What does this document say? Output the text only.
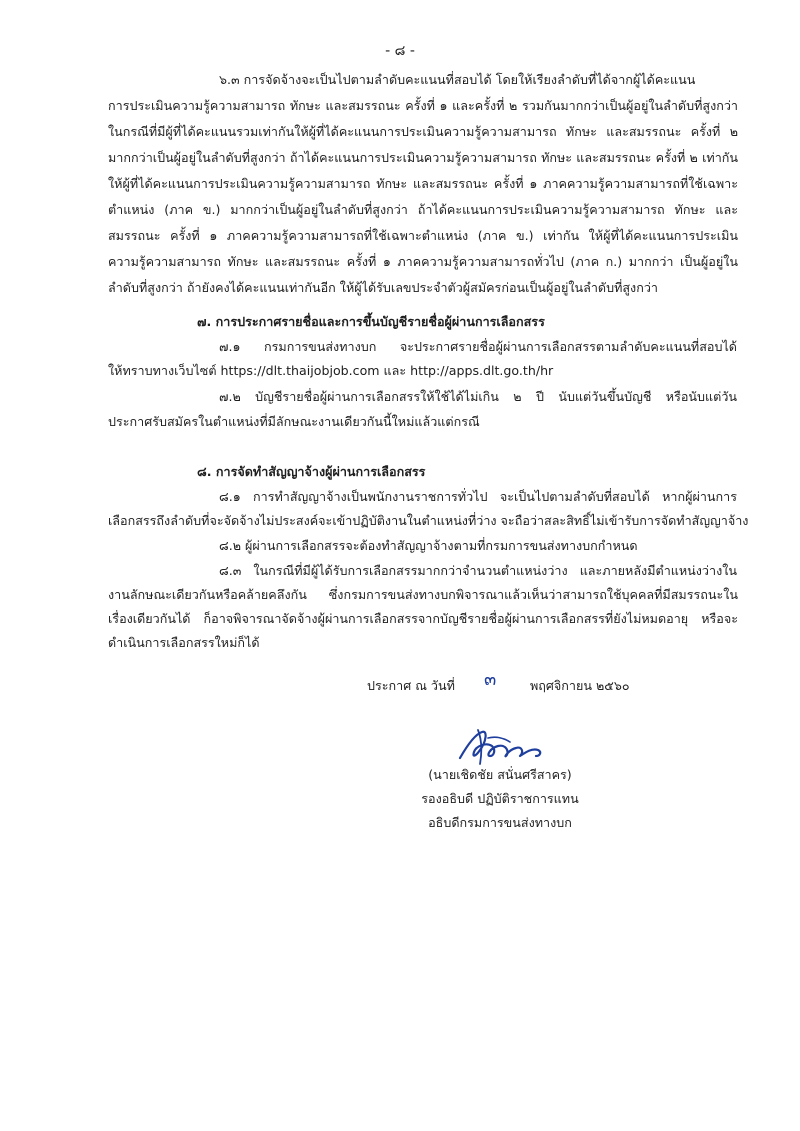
- ๘ -
๖.๓ การจัดจ้างจะเป็นไปตามลำดับคะแนนที่สอบได้ โดยให้เรียงลำดับที่ได้จากผู้ได้คะแนน
การประเมินความรู้ความสามารถ ทักษะ และสมรรถนะ ครั้งที่ ๑ และครั้งที่ ๒ รวมกันมากกว่าเป็นผู้อยู่ในลำดับที่สูงกว่า
ในกรณีที่มีผู้ที่ได้คะแนนรวมเท่ากันให้ผู้ที่ได้คะแนนการประเมินความรู้ความสามารถ ทักษะ และสมรรถนะ ครั้งที่ ๒
มากกว่าเป็นผู้อยู่ในลำดับที่สูงกว่า ถ้าได้คะแนนการประเมินความรู้ความสามารถ ทักษะ และสมรรถนะ ครั้งที่ ๒ เท่ากัน
ให้ผู้ที่ได้คะแนนการประเมินความรู้ความสามารถ ทักษะ และสมรรถนะ ครั้งที่ ๑ ภาคความรู้ความสามารถที่ใช้เฉพาะ
ตำแหน่ง (ภาค ข.) มากกว่าเป็นผู้อยู่ในลำดับที่สูงกว่า ถ้าได้คะแนนการประเมินความรู้ความสามารถ ทักษะ และ
สมรรถนะ ครั้งที่ ๑ ภาคความรู้ความสามารถที่ใช้เฉพาะตำแหน่ง (ภาค ข.) เท่ากัน ให้ผู้ที่ได้คะแนนการประเมิน
ความรู้ความสามารถ ทักษะ และสมรรถนะ ครั้งที่ ๑ ภาคความรู้ความสามารถทั่วไป (ภาค ก.) มากกว่า เป็นผู้อยู่ใน
ลำดับที่สูงกว่า ถ้ายังคงได้คะแนนเท่ากันอีก ให้ผู้ได้รับเลขประจำตัวผู้สมัครก่อนเป็นผู้อยู่ในลำดับที่สูงกว่า
๗. การประกาศรายชื่อและการขึ้นบัญชีรายชื่อผู้ผ่านการเลือกสรร
๗.๑ กรมการขนส่งทางบก จะประกาศรายชื่อผู้ผ่านการเลือกสรรตามลำดับคะแนนที่สอบได้
ให้ทราบทางเว็บไซต์ https://dlt.thaijobjob.com และ http://apps.dlt.go.th/hr
๗.๒ บัญชีรายชื่อผู้ผ่านการเลือกสรรให้ใช้ได้ไม่เกิน ๒ ปี นับแต่วันขึ้นบัญชี หรือนับแต่วัน
ประกาศรับสมัครในตำแหน่งที่มีลักษณะงานเดียวกันนี้ใหม่แล้วแต่กรณี
๘. การจัดทำสัญญาจ้างผู้ผ่านการเลือกสรร
๘.๑ การทำสัญญาจ้างเป็นพนักงานราชการทั่วไป จะเป็นไปตามลำดับที่สอบได้ หากผู้ผ่านการ
เลือกสรรถึงลำดับที่จะจัดจ้างไม่ประสงค์จะเข้าปฏิบัติงานในตำแหน่งที่ว่าง จะถือว่าสละสิทธิ์ไม่เข้ารับการจัดทำสัญญาจ้าง
๘.๒ ผู้ผ่านการเลือกสรรจะต้องทำสัญญาจ้างตามที่กรมการขนส่งทางบกกำหนด
๘.๓ ในกรณีที่มีผู้ได้รับการเลือกสรรมากกว่าจำนวนตำแหน่งว่าง และภายหลังมีตำแหน่งว่างใน
งานลักษณะเดียวกันหรือคล้ายคลึงกัน ซึ่งกรมการขนส่งทางบกพิจารณาแล้วเห็นว่าสามารถใช้บุคคลที่มีสมรรถนะใน
เรื่องเดียวกันได้ ก็อาจพิจารณาจัดจ้างผู้ผ่านการเลือกสรรจากบัญชีรายชื่อผู้ผ่านการเลือกสรรที่ยังไม่หมดอายุ หรือจะ
ดำเนินการเลือกสรรใหม่ก็ได้
ประกาศ ณ วันที่ ๓	พฤศจิกายน ๒๕๖๐
(นายเชิดชัย สนั่นศรีสาคร)
รองอธิบดี ปฏิบัติราชการแทน
อธิบดีกรมการขนส่งทางบก
